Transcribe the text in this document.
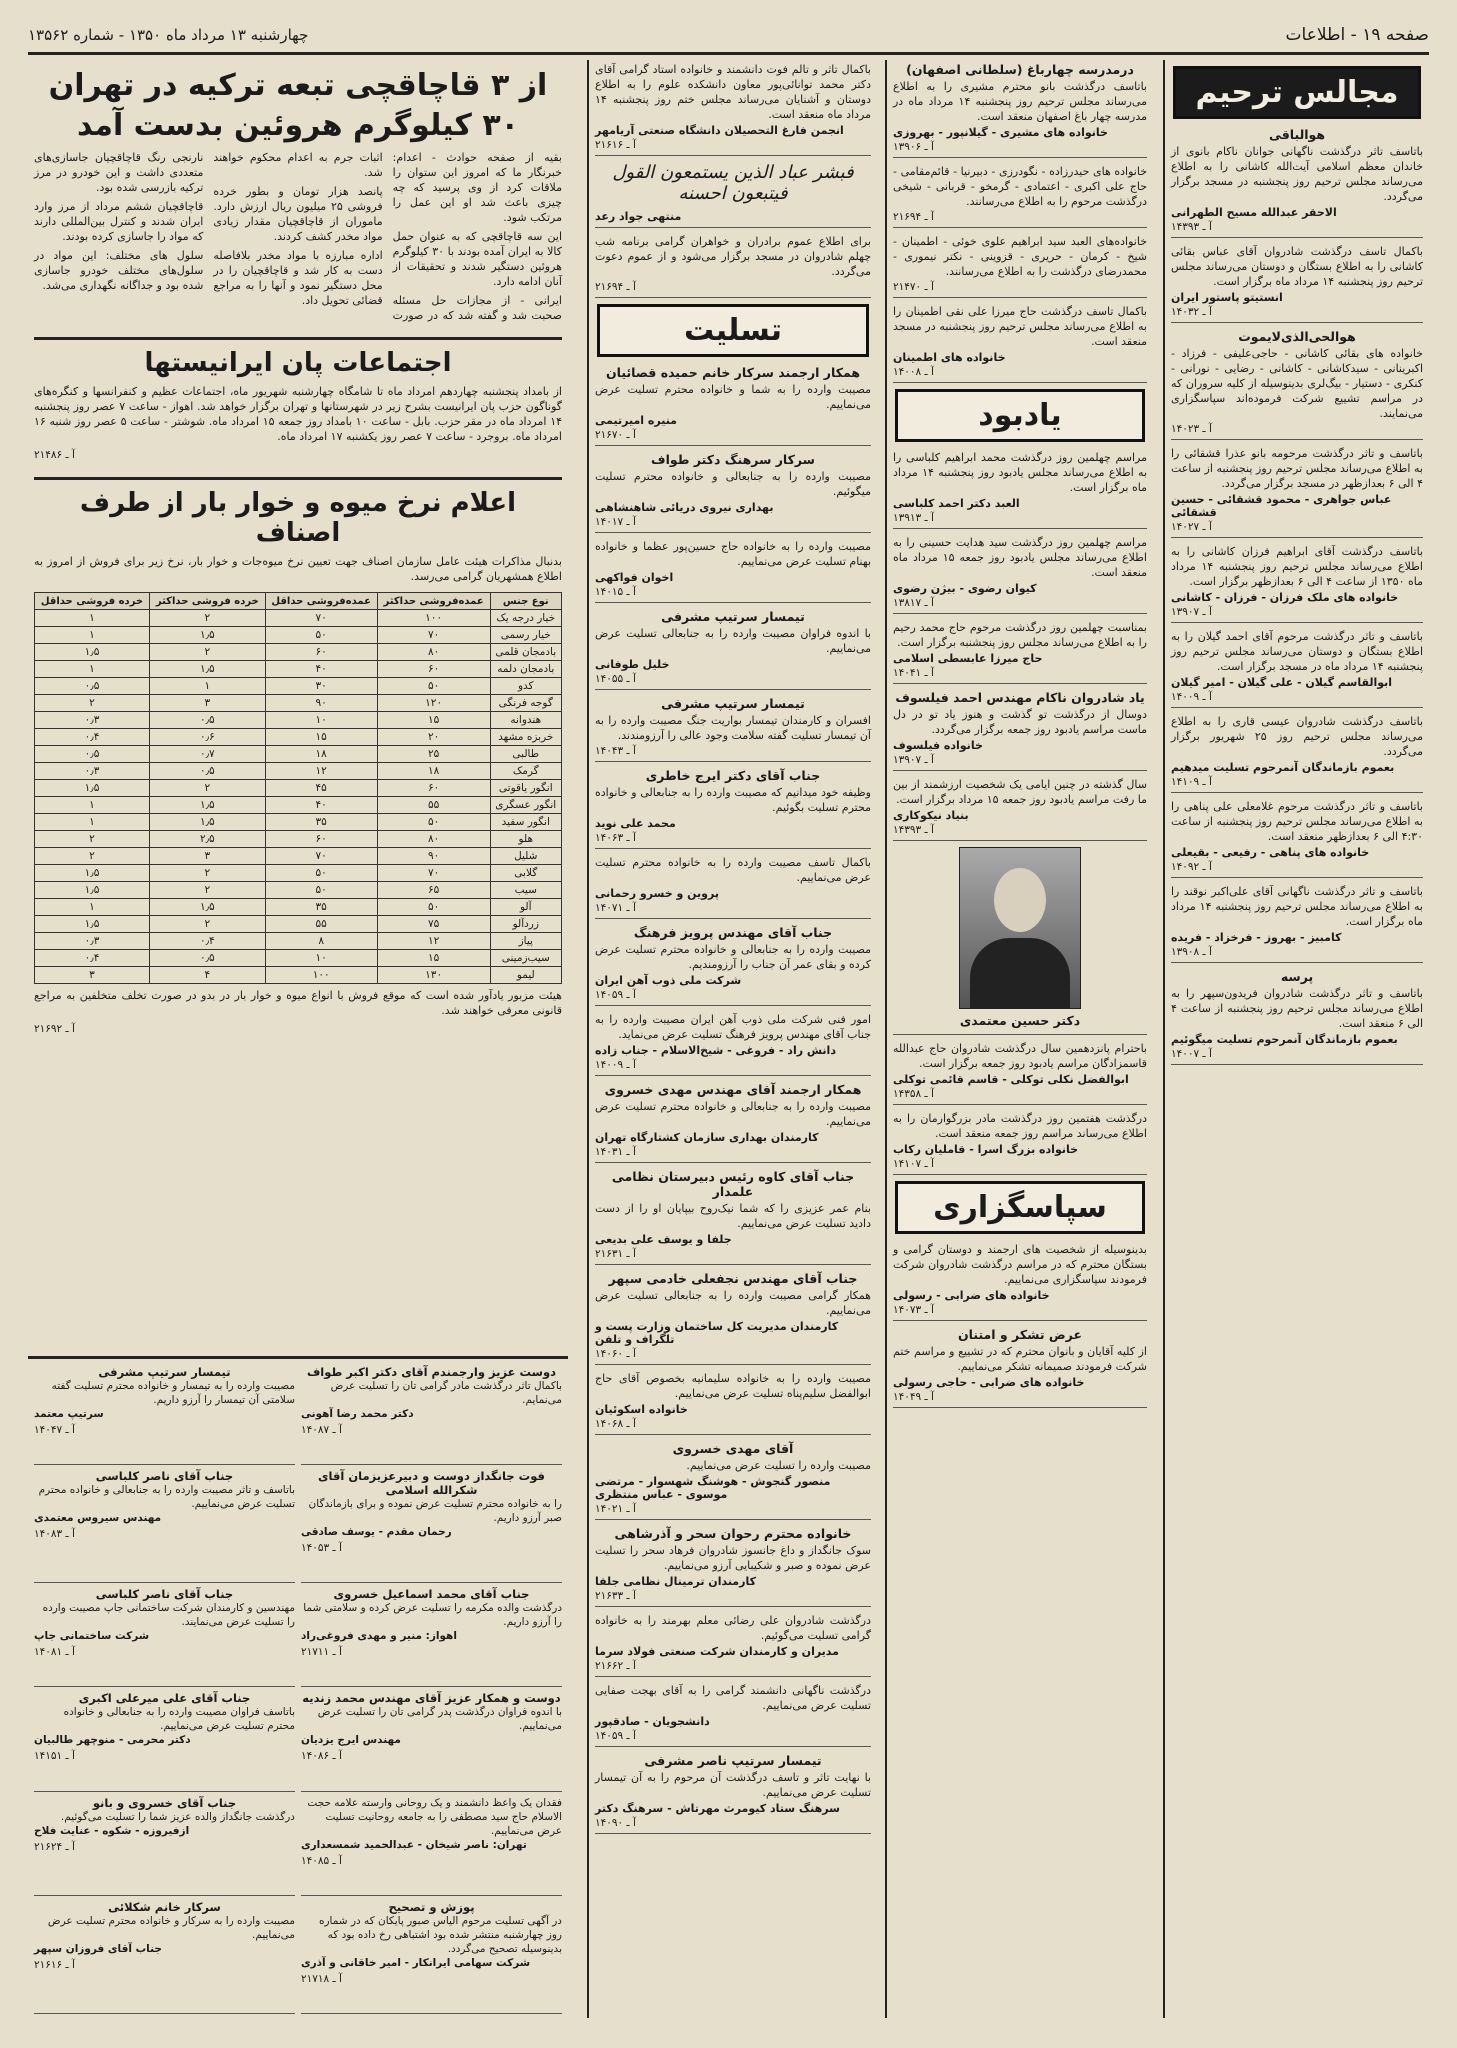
صفحه ۱۹ - اطلاعات
چهارشنبه ۱۳ مرداد ماه ۱۳۵۰ - شماره ۱۳۵۶۲
مجالس ترحیم
هوالباقی

باتاسف تاثر درگذشت ناگهانی جوانان ناکام بانوی از خاندان معظم اسلامی آیت‌الله کاشانی را به اطلاع می‌رساند مجلس ترحیم روز پنجشنبه در مسجد برگزار می‌گردد.

الاحقر عبدالله مسیح الطهرانی
آ ـ ۱۴۳۹۳

باکمال تاسف درگذشت شادروان آقای عباس بقائی کاشانی را به اطلاع بستگان و دوستان می‌رساند مجلس ترحیم روز پنجشنبه ۱۴ مرداد ماه برگزار است.

انستیتو پاستور ایران
آ ـ ۱۴۰۳۲
هوالحی‌الذی‌لایموت

خانواده های بقائی کاشانی - حاجی‌علیفی - فرزاد - اکبرینانی - سیدکاشانی - کاشانی - رضایی - نورانی - کنکری - دستیار - بیگ‌لری بدینوسیله از کلیه سروران که در مراسم تشییع شرکت فرموده‌اند سپاسگزاری می‌نمایند.

آ ـ ۱۴۰۲۳

باتاسف و تاثر درگذشت مرحومه بانو عذرا قشقائی را به اطلاع می‌رساند مجلس ترحیم روز پنجشنبه از ساعت ۴ الی ۶ بعدازظهر در مسجد برگزار می‌گردد.

عباس جواهری - محمود قشقائی - حسین قشقائی
آ ـ ۱۴۰۲۷

باتاسف درگذشت آقای ابراهیم فرزان کاشانی را به اطلاع می‌رساند مجلس ترحیم روز پنجشنبه ۱۴ مرداد ماه ۱۳۵۰ از ساعت ۴ الی ۶ بعدازظهر برگزار است.

خانواده های ملک فرزان - فرزان - کاشانی
آ ـ ۱۳۹۰۷

باتاسف و تاثر درگذشت مرحوم آقای احمد گیلان را به اطلاع بستگان و دوستان می‌رساند مجلس ترحیم روز پنجشنبه ۱۴ مرداد ماه در مسجد برگزار است.

ابوالقاسم گیلان - علی گیلان - امیر گیلان
آ ـ ۱۴۰۰۹

باتاسف درگذشت شادروان عیسی قاری را به اطلاع می‌رساند مجلس ترحیم روز ۲۵ شهریور برگزار می‌گردد.

بعموم بازماندگان آنمرحوم تسلیت میدهیم
آ ـ ۱۴۱۰۹

باتاسف و تاثر درگذشت مرحوم غلامعلی علی پناهی را به اطلاع می‌رساند مجلس ترحیم روز پنجشنبه از ساعت ۴:۳۰ الی ۶ بعدازظهر منعقد است.

خانواده های پناهی - رفیعی - بقیعلی
آ ـ ۱۴۰۹۲

باتاسف و تاثر درگذشت ناگهانی آقای علی‌اکبر نوقند را به اطلاع می‌رساند مجلس ترحیم روز پنجشنبه ۱۴ مرداد ماه برگزار است.

کامبیز - بهروز - فرخزاد - فریده
آ ـ ۱۳۹۰۸
پرسه

باتاسف و تاثر درگذشت شادروان فریدون‌سپهر را به اطلاع می‌رساند مجلس ترحیم روز پنجشنبه از ساعت ۴ الی ۶ منعقد است.

بعموم بازماندگان آنمرحوم تسلیت میگوئیم
آ ـ ۱۴۰۰۷
درمدرسه چهارباغ (سلطانی اصفهان)

باتاسف درگذشت بانو محترم مشیری را به اطلاع می‌رساند مجلس ترحیم روز پنجشنبه ۱۴ مرداد ماه در مدرسه چهار باغ اصفهان منعقد است.

خانواده های مشیری - گیلانپور - بهروزی
آ ـ ۱۳۹۰۶

خانواده های حیدرزاده - نگودرزی - دبیرنیا - قائم‌مقامی - حاج علی اکبری - اعتمادی - گرمخو - قربانی - شیخی درگذشت مرحوم را به اطلاع می‌رسانند.

آ ـ ۲۱۶۹۴

خانواده‌های العبد سید ابراهیم علوی خوئی - اطمینان - شیخ - کرمان - حریری - قزوینی - نکتر نیموری - محمدرضای درگذشت را به اطلاع می‌رسانند.

آ ـ ۲۱۴۷۰

باکمال تاسف درگذشت حاج میرزا علی نقی اطمینان را به اطلاع می‌رساند مجلس ترحیم روز پنجشنبه در مسجد منعقد است.

خانواده های اطمینان
آ ـ ۱۴۰۰۸
یادبود

مراسم چهلمین روز درگذشت محمد ابراهیم کلباسی را به اطلاع می‌رساند مجلس یادبود روز پنجشنبه ۱۴ مرداد ماه برگزار است.

العبد دکتر احمد کلباسی
آ ـ ۱۳۹۱۳

مراسم چهلمین روز درگذشت سید هدایت حسینی را به اطلاع می‌رساند مجلس یادبود روز جمعه ۱۵ مرداد ماه منعقد است.

کیوان رضوی - بیژن رضوی
آ ـ ۱۳۸۱۷

بمناسبت چهلمین روز درگذشت مرحوم حاج محمد رحیم را به اطلاع می‌رساند مجلس روز پنجشنبه برگزار است.

حاج میرزا عابسطی اسلامی
آ ـ ۱۴۰۴۱
یاد شادروان ناکام مهندس احمد فیلسوف

دوسال از درگذشت تو گذشت و هنوز یاد تو در دل ماست مراسم یادبود روز جمعه برگزار می‌گردد.

خانواده فیلسوف
آ ـ ۱۳۹۰۷

سال گذشته در چنین ایامی یک شخصیت ارزشمند از بین ما رفت مراسم یادبود روز جمعه ۱۵ مرداد برگزار است.

بنیاد نیکوکاری
آ ـ ۱۴۳۹۳
دکتر حسین معتمدی

باحترام پانزدهمین سال درگذشت شادروان حاج عبدالله قاسمزادگان مراسم یادبود روز جمعه برگزار است.

ابوالفضل نکلی توکلی - قاسم قائمی توکلی
آ ـ ۱۴۳۵۸

درگذشت هفتمین روز درگذشت مادر بزرگوارمان را به اطلاع می‌رساند مراسم روز جمعه منعقد است.

خانواده بزرگ اسرا - قاملیان رکاب
آ ـ ۱۴۱۰۷
سپاسگزاری

بدینوسیله از شخصیت های ارجمند و دوستان گرامی و بستگان محترم که در مراسم درگذشت شادروان شرکت فرمودند سپاسگزاری می‌نماییم.

خانواده های ضرابی - رسولی
آ ـ ۱۴۰۷۳
عرض تشکر و امتنان

از کلیه آقایان و بانوان محترم که در تشییع و مراسم ختم شرکت فرمودند صمیمانه تشکر می‌نماییم.

خانواده های ضرابی - حاجی رسولی
آ ـ ۱۴۰۴۹

باکمال تاثر و تالم فوت دانشمند و خانواده استاد گرامی آقای دکتر محمد توانائی‌پور معاون دانشکده علوم را به اطلاع دوستان و آشنایان می‌رساند مجلس ختم روز پنجشنبه ۱۴ مرداد ماه منعقد است.

انجمن فارغ التحصیلان دانشگاه صنعتی آریامهر
آ ـ ۲۱۶۱۶
فبشر عباد الذین یستمعون القول فیتبعون احسنه
منتهی جواد رعد

برای اطلاع عموم برادران و خواهران گرامی برنامه شب چهلم شادروان در مسجد برگزار می‌شود و از عموم دعوت می‌گردد.

آ ـ ۲۱۶۹۴
تسلیت
همکار ارجمند سرکار خانم حمیده قصائیان

مصیبت وارده را به شما و خانواده محترم تسلیت عرض می‌نماییم.

منیره امیرتیمی
آ ـ ۲۱۶۷۰
سرکار سرهنگ دکتر طواف

مصیبت وارده را به جنابعالی و خانواده محترم تسلیت میگوئیم.

بهداری نیروی دریائی شاهنشاهی
آ ـ ۱۴۰۱۷

مصیبت وارده را به خانواده حاج حسین‌پور عظما و خانواده بهنام تسلیت عرض می‌نماییم.

اخوان فواکهی
آ ـ ۱۴۰۱۵
تیمسار سرتیپ مشرفی

با اندوه فراوان مصیبت وارده را به جنابعالی تسلیت عرض می‌نماییم.

خلیل طوفانی
آ ـ ۱۴۰۵۵
تیمسار سرتیپ مشرفی

افسران و کارمندان تیمسار بواریت جنگ مصیبت وارده را به آن تیمسار تسلیت گفته سلامت وجود عالی را آرزومندند.

آ ـ ۱۴۰۴۳
جناب آقای دکتر ایرج خاطری

وظیفه خود میدانیم که مصیبت وارده را به جنابعالی و خانواده محترم تسلیت بگوئیم.

محمد علی نوید
آ ـ ۱۴۰۶۳

باکمال تاسف مصیبت وارده را به خانواده محترم تسلیت عرض می‌نماییم.

پروین و خسرو رحمانی
آ ـ ۱۴۰۷۱
جناب آقای مهندس پرویز فرهنگ

مصیبت وارده را به جنابعالی و خانواده محترم تسلیت عرض کرده و بقای عمر آن جناب را آرزومندیم.

شرکت ملی ذوب آهن ایران
آ ـ ۱۴۰۵۹

امور فنی شرکت ملی ذوب آهن ایران مصیبت وارده را به جناب آقای مهندس پرویز فرهنگ تسلیت عرض می‌نماید.

دانش راد - فروغی - شیخ‌الاسلام - جناب زاده
آ ـ ۱۴۰۰۹
همکار ارجمند آقای مهندس مهدی خسروی

مصیبت وارده را به جنابعالی و خانواده محترم تسلیت عرض می‌نماییم.

کارمندان بهداری سازمان کشتارگاه تهران
آ ـ ۱۴۰۳۱
جناب آقای کاوه رئیس دبیرستان نظامی علمدار

بنام عمر عزیزی را که شما نیک‌روح بیپایان او را از دست دادید تسلیت عرض می‌نماییم.

جلفا و یوسف علی بدیعی
آ ـ ۲۱۶۳۱
جناب آقای مهندس نجفعلی خادمی سپهر

همکار گرامی مصیبت وارده را به جنابعالی تسلیت عرض می‌نماییم.

کارمندان مدیریت کل ساختمان وزارت پست و تلگراف و تلفن
آ ـ ۱۴۰۶۰

مصیبت وارده را به خانواده سلیمانیه بخصوص آقای حاج ابوالفضل سلیم‌پناه تسلیت عرض می‌نماییم.

خانواده اسکوئیان
آ ـ ۱۴۰۶۸
آقای مهدی خسروی

مصیبت وارده را تسلیت عرض می‌نماییم.

منصور گنجوش - هوشنگ شهسوار - مرتضی موسوی - عباس منتظری
آ ـ ۱۴۰۲۱
خانواده محترم رحوان سحر و آذرشاهی

سوک جانگداز و داغ جانسوز شادروان فرهاد سحر را تسلیت عرض نموده و صبر و شکیبایی آرزو می‌نماییم.

کارمندان ترمینال نظامی جلفا
آ ـ ۲۱۶۳۳

درگذشت شادروان علی رضائی معلم بهرمند را به خانواده گرامی تسلیت می‌گوئیم.

مدیران و کارمندان شرکت صنعتی فولاد سرما
آ ـ ۲۱۶۶۲

درگذشت ناگهانی دانشمند گرامی را به آقای بهجت صفایی تسلیت عرض می‌نماییم.

دانشجویان - صادقپور
آ ـ ۱۴۰۵۹
تیمسار سرتیپ ناصر مشرفی

با نهایت تاثر و تاسف درگذشت آن مرحوم را به آن تیمسار تسلیت عرض می‌نماییم.

سرهنگ ستاد کیومرث مهرتاش - سرهنگ دکتر
آ ـ ۱۴۰۹۰
از ۳ قاچاقچی تبعه ترکیه در تهران ۳۰ کیلوگرم هروئین بدست آمد

بقیه از صفحه حوادث - اعدام: خبرنگار ما که امروز این ستوان را ملاقات کرد از وی پرسید که چه چیزی باعث شد او این عمل را مرتکب شود.

این سه قاچاقچی که به عنوان حمل کالا به ایران آمده بودند با ۳۰ کیلوگرم هروئین دستگیر شدند و تحقیقات از آنان ادامه دارد.

ایرانی - از مجازات حل مسئله صحبت شد و گفته شد که در صورت اثبات جرم به اعدام محکوم خواهند شد.

پانصد هزار تومان و بطور خرده فروشی ۲۵ میلیون ریال ارزش دارد. ماموران از قاچاقچیان مقدار زیادی مواد مخدر کشف کردند.

اداره مبارزه با مواد مخدر بلافاصله دست به کار شد و قاچاقچیان را در محل دستگیر نمود و آنها را به مراجع قضائی تحویل داد.

نارنجی رنگ قاچاقچیان جاسازی‌های متعددی داشت و این خودرو در مرز ترکیه بازرسی شده بود.

قاچاقچیان ششم مرداد از مرز وارد ایران شدند و کنترل بین‌المللی دارند که مواد را جاسازی کرده بودند.

سلول های مختلف: این مواد در سلول‌های مختلف خودرو جاسازی شده بود و جداگانه نگهداری می‌شد.

اجتماعات پان ایرانیستها

از بامداد پنجشنبه چهاردهم امرداد ماه تا شامگاه چهارشنبه شهریور ماه، اجتماعات عظیم و کنفرانسها و کنگره‌های گوناگون حزب پان ایرانیست بشرح زیر در شهرستانها و تهران برگزار خواهد شد. اهواز - ساعت ۷ عصر روز پنجشنبه ۱۴ امرداد ماه در مقر حزب. بابل - ساعت ۱۰ بامداد روز جمعه ۱۵ امرداد ماه. شوشتر - ساعت ۵ عصر روز شنبه ۱۶ امرداد ماه. بروجرد - ساعت ۷ عصر روز یکشنبه ۱۷ امرداد ماه.

آ ـ ۲۱۴۸۶
اعلام نرخ میوه و خوار بار از طرف اصناف

بدنبال مذاکرات هیئت عامل سازمان اصناف جهت تعیین نرخ میوه‌جات و خوار بار، نرخ زیر برای فروش از امروز به اطلاع همشهریان گرامی می‌رسد.

نوع جنس	عمده‌فروشی حداکثر	عمده‌فروشی حداقل	خرده فروشی حداکثر	خرده فروشی حداقل
خیار درجه یک	۱۰۰	۷۰	۲	۱
خیار رسمی	۷۰	۵۰	۱٫۵	۱
بادمجان قلمی	۸۰	۶۰	۲	۱٫۵
بادمجان دلمه	۶۰	۴۰	۱٫۵	۱
کدو	۵۰	۳۰	۱	۰٫۵
گوجه فرنگی	۱۲۰	۹۰	۳	۲
هندوانه	۱۵	۱۰	۰٫۵	۰٫۳
خربزه مشهد	۲۰	۱۵	۰٫۶	۰٫۴
طالبی	۲۵	۱۸	۰٫۷	۰٫۵
گرمک	۱۸	۱۲	۰٫۵	۰٫۳
انگور یاقوتی	۶۰	۴۵	۲	۱٫۵
انگور عسگری	۵۵	۴۰	۱٫۵	۱
انگور سفید	۵۰	۳۵	۱٫۵	۱
هلو	۸۰	۶۰	۲٫۵	۲
شلیل	۹۰	۷۰	۳	۲
گلابی	۷۰	۵۰	۲	۱٫۵
سیب	۶۵	۵۰	۲	۱٫۵
آلو	۵۰	۳۵	۱٫۵	۱
زردآلو	۷۵	۵۵	۲	۱٫۵
پیاز	۱۲	۸	۰٫۴	۰٫۳
سیب‌زمینی	۱۵	۱۰	۰٫۵	۰٫۴
لیمو	۱۳۰	۱۰۰	۴	۳

هیئت مزبور یادآور شده است که موقع فروش با انواع میوه و خوار بار در بدو در صورت تخلف متخلفین به مراجع قانونی معرفی خواهند شد.

آ ـ ۲۱۶۹۲
دوست عزیز وارجمندم آقای دکتر اکبر طواف
باکمال تاثر درگذشت مادر گرامی تان را تسلیت عرض می‌نمایم.
دکتر محمد رضا آهونی
آ ـ ۱۴۰۸۷
تیمسار سرتیپ مشرفی
مصیبت وارده را به تیمسار و خانواده محترم تسلیت گفته سلامتی آن تیمسار را آرزو داریم.
سرتیپ معتمد
آ ـ ۱۴۰۴۷
فوت جانگداز دوست و دبیرعزیزمان آقای شکرالله اسلامی
را به خانواده محترم تسلیت عرض نموده و برای بازماندگان صبر آرزو داریم.
رحمان مقدم - یوسف صادقی
آ ـ ۱۴۰۵۳
جناب آقای ناصر کلباسی
باتاسف و تاثر مصیبت وارده را به جنابعالی و خانواده محترم تسلیت عرض می‌نماییم.
مهندس سیروس معتمدی
آ ـ ۱۴۰۸۳
جناب آقای محمد اسماعیل خسروی
درگذشت والده مکرمه را تسلیت عرض کرده و سلامتی شما را آرزو داریم.
اهواز: منیر و مهدی فروغی‌راد
آ ـ ۲۱۷۱۱
جناب آقای ناصر کلباسی
مهندسین و کارمندان شرکت ساختمانی جاپ مصیبت وارده را تسلیت عرض می‌نمایند.
شرکت ساختمانی جاپ
آ ـ ۱۴۰۸۱
دوست و همکار عزیز آقای مهندس محمد زندیه
با اندوه فراوان درگذشت پدر گرامی تان را تسلیت عرض می‌نماییم.
مهندس ایرج یزدیان
آ ـ ۱۴۰۸۶
جناب آقای علی میرعلی اکبری
باتاسف فراوان مصیبت وارده را به جنابعالی و خانواده محترم تسلیت عرض می‌نماییم.
دکتر محرمی - منوچهر طالبیان
آ ـ ۱۴۱۵۱
فقدان یک واعظ دانشمند و یک روحانی وارسته علامه حجت الاسلام حاج سید مصطفی را به جامعه روحانیت تسلیت عرض می‌نماییم.
تهران: ناصر شیخان - عبدالحمید شمسعداری
آ ـ ۱۴۰۸۵
جناب آقای خسروی و بانو
درگذشت جانگداز والده عزیز شما را تسلیت می‌گوئیم.
ازفیروزه - شکوه - عنایت فلاح
آ ـ ۲۱۶۲۴
پوزش و تصحیح
در آگهی تسلیت مرحوم الیاس صبور پایکان که در شماره روز چهارشنبه منتشر شده بود اشتباهی رخ داده بود که بدینوسیله تصحیح می‌گردد.
شرکت سهامی ایرانکار - امیر خاقانی و آذری
آ ـ ۲۱۷۱۸
سرکار خانم شکلائی
مصیبت وارده را به سرکار و خانواده محترم تسلیت عرض می‌نماییم.
جناب آقای فروزان سپهر
آ ـ ۲۱۶۱۶
